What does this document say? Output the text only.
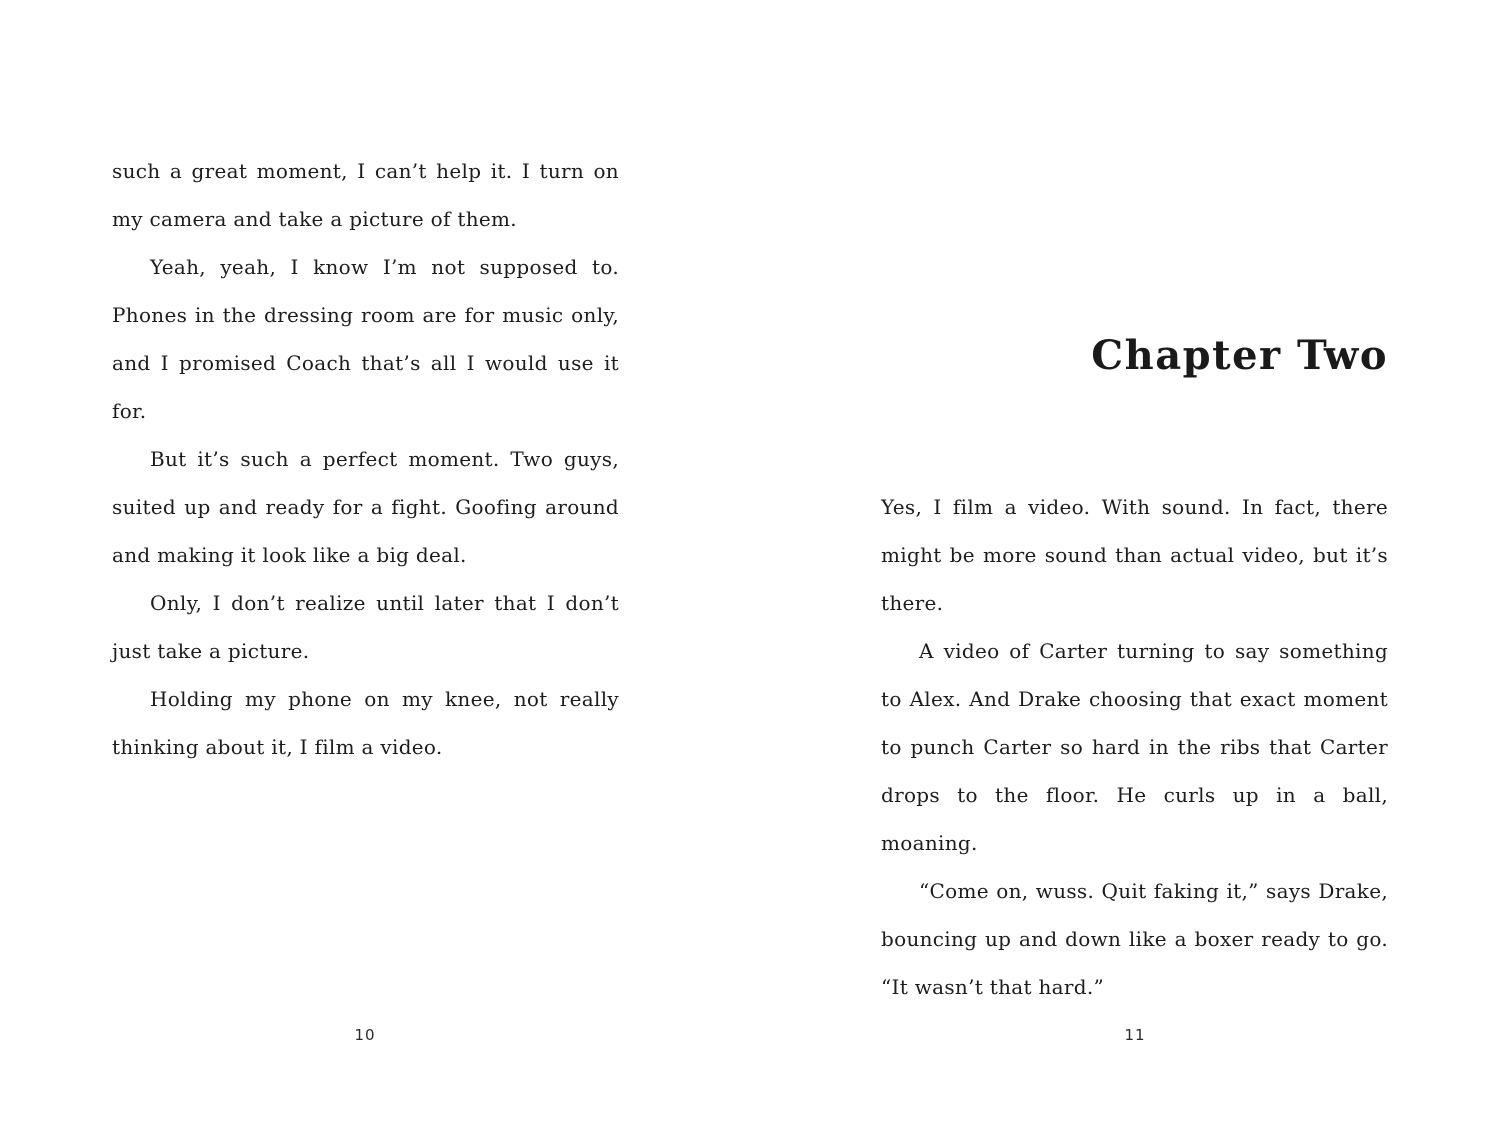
such a great moment, I can’t help it. I turn on my camera and take a picture of them.

Yeah, yeah, I know I’m not supposed to. Phones in the dressing room are for music only, and I promised Coach that’s all I would use it for.

But it’s such a perfect moment. Two guys, suited up and ready for a fight. Goofing around and making it look like a big deal.

Only, I don’t realize until later that I don’t just take a picture.

Holding my phone on my knee, not really thinking about it, I film a video.

10
Chapter Two

Yes, I film a video. With sound. In fact, there might be more sound than actual video, but it’s there.

A video of Carter turning to say something to Alex. And Drake choosing that exact moment to punch Carter so hard in the ribs that Carter drops to the floor. He curls up in a ball, moaning.

“Come on, wuss. Quit faking it,” says Drake, bouncing up and down like a boxer ready to go. “It wasn’t that hard.”

11
